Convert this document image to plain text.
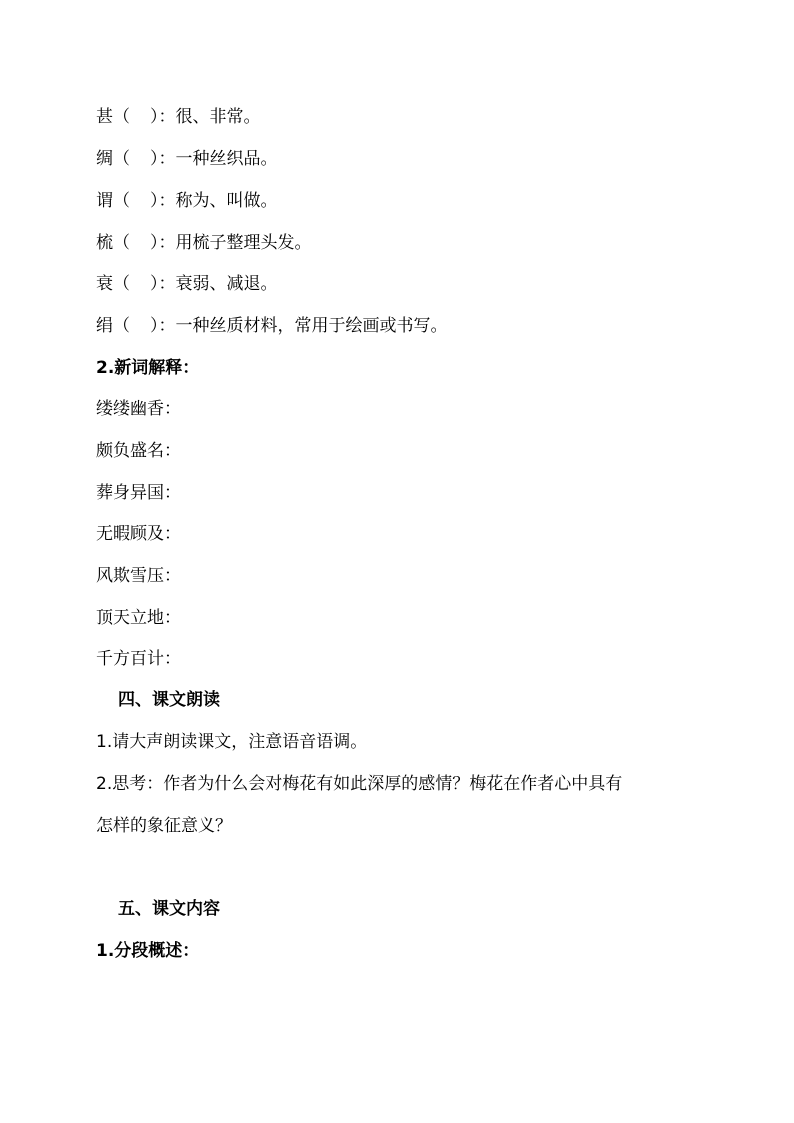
甚（ ）：很、非常。
绸（ ）：一种丝织品。
谓（ ）：称为、叫做。
梳（ ）：用梳子整理头发。
衰（ ）：衰弱、减退。
绢（ ）：一种丝质材料，常用于绘画或书写。
2.新词解释：
缕缕幽香：
颇负盛名：
葬身异国：
无暇顾及：
风欺雪压：
顶天立地：
千方百计：
四、课文朗读
1.请大声朗读课文，注意语音语调。
2.思考：作者为什么会对梅花有如此深厚的感情？梅花在作者心中具有
怎样的象征意义？
五、课文内容
1.分段概述：
